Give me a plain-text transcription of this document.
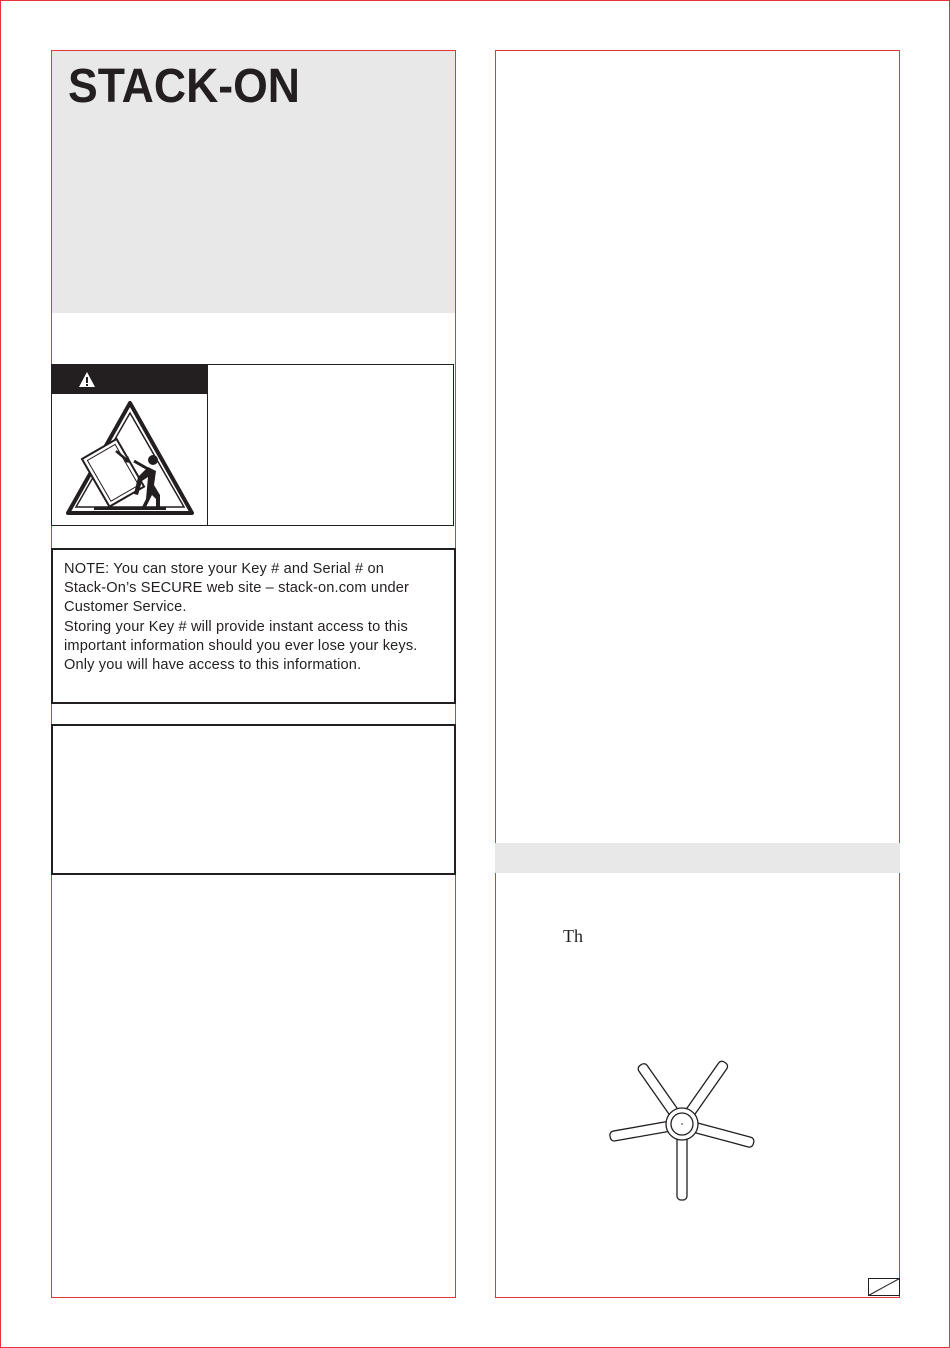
STACK-ON
NOTE: You can store your Key # and Serial # on
Stack-On’s SECURE web site – stack-on.com under
Customer Service.
Storing your Key # will provide instant access to this
important information should you ever lose your keys.
Only you will have access to this information.
Th
